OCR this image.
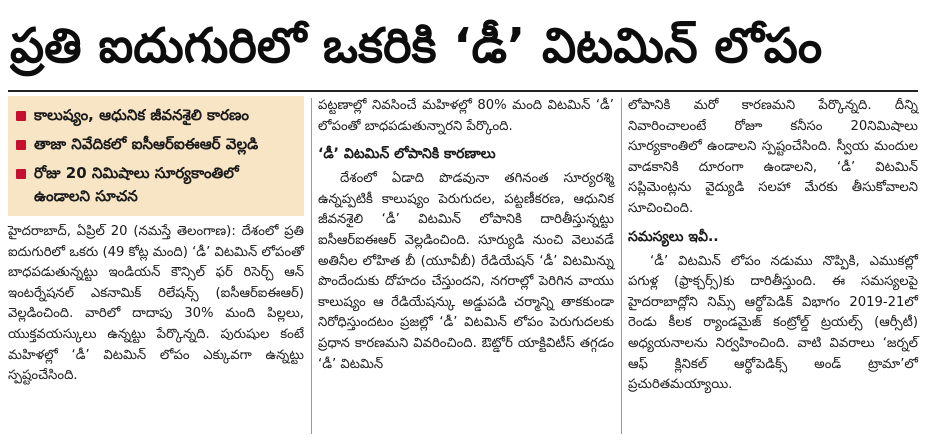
ప్రతి ఐదుగురిలో ఒకరికి ‘డీ’ విటమిన్ లోపం
కాలుష్యం, ఆధునిక జీవనశైలి కారణం
తాజా నివేదికలో ఐసీఆర్ఐఈఆర్ వెల్లడి
రోజు 20 నిమిషాలు సూర్యకాంతిలో ఉండాలని సూచన

హైదరాబాద్, ఏప్రిల్ 20 (నమస్తే తెలంగాణ): దేశంలో ప్రతి ఐదుగురిలో ఒకరు (49 కోట్ల మంది) ‘డీ’ విటమిన్ లోపంతో బాధపడుతున్నట్టు ఇండియన్ కౌన్సిల్ ఫర్ రిసెర్చ్ ఆన్ ఇంటర్నేషనల్ ఎకనామిక్ రిలేషన్స్ (ఐసీఆర్ఐఈఆర్) వెల్లడించింది. వారిలో దాదాపు 30% మంది పిల్లలు, యుక్తవయస్కులు ఉన్నట్టు పేర్కొన్నది. పురుషుల కంటే మహిళల్లో ‘డీ’ విటమిన్ లోపం ఎక్కువగా ఉన్నట్టు స్పష్టంచేసింది.

పట్టణాల్లో నివసించే మహిళల్లో 80% మంది విటమిన్ ‘డీ’ లోపంతో బాధపడుతున్నారని పేర్కొంది.

‘డీ’ విటమిన్ లోపానికి కారణాలు

దేశంలో ఏడాది పొడవునా తగినంత సూర్యరశ్మి ఉన్నప్పటికీ కాలుష్యం పెరుగుదల, పట్టణీకరణ, ఆధునిక జీవనశైలి ‘డీ’ విటమిన్ లోపానికి దారితీస్తున్నట్టు ఐసీఆర్ఐఈఆర్ వెల్లడించింది. సూర్యుడి నుంచి వెలువడే అతినీల లోహిత బీ (యూవీబీ) రేడియేషన్ ‘డీ’ విటమిన్ను పొందేందుకు దోహదం చేస్తుందని, నగరాల్లో పెరిగిన వాయు కాలుష్యం ఆ రేడియేషన్కు అడ్డుపడి చర్మాన్ని తాకకుండా నిరోధిస్తుందటం ప్రజల్లో ‘డీ’ విటమిన్ లోపం పెరుగుదలకు ప్రధాన కారణమని వివరించింది. ఔట్డోర్ యాక్టివిటీస్ తగ్గడం ‘డీ’ విటమిన్

లోపానికి మరో కారణమని పేర్కొన్నది. దీన్ని నివారించాలంటే రోజూ కనీసం 20నిమిషాలు సూర్యకాంతిలో ఉండాలని స్పష్టంచేసింది. స్వీయ మందుల వాడకానికి దూరంగా ఉండాలని, ‘డీ’ విటమిన్ సప్లిమెంట్లను వైద్యుడి సలహా మేరకు తీసుకోవాలని సూచించింది.

సమస్యలు ఇవీ..

‘డీ’ విటమిన్ లోపం నడుము నొప్పికి, ఎముకల్లో పగుళ్ల (ఫ్రాక్చర్స్)కు దారితీస్తుంది. ఈ సమస్యలపై హైదరాబాద్లోని నిమ్స్ ఆర్థోపెడిక్ విభాగం 2019-21లో రెండు కీలక ర్యాండమైజ్ కంట్రోల్డ్ ట్రయల్స్ (ఆర్సీటీ) అధ్యయనాలను నిర్వహించింది. వాటి వివరాలు ‘జర్నల్ ఆఫ్ క్లినికల్ ఆర్థోపెడిక్స్ అండ్ ట్రామా’లో ప్రచురితమయ్యాయి.
